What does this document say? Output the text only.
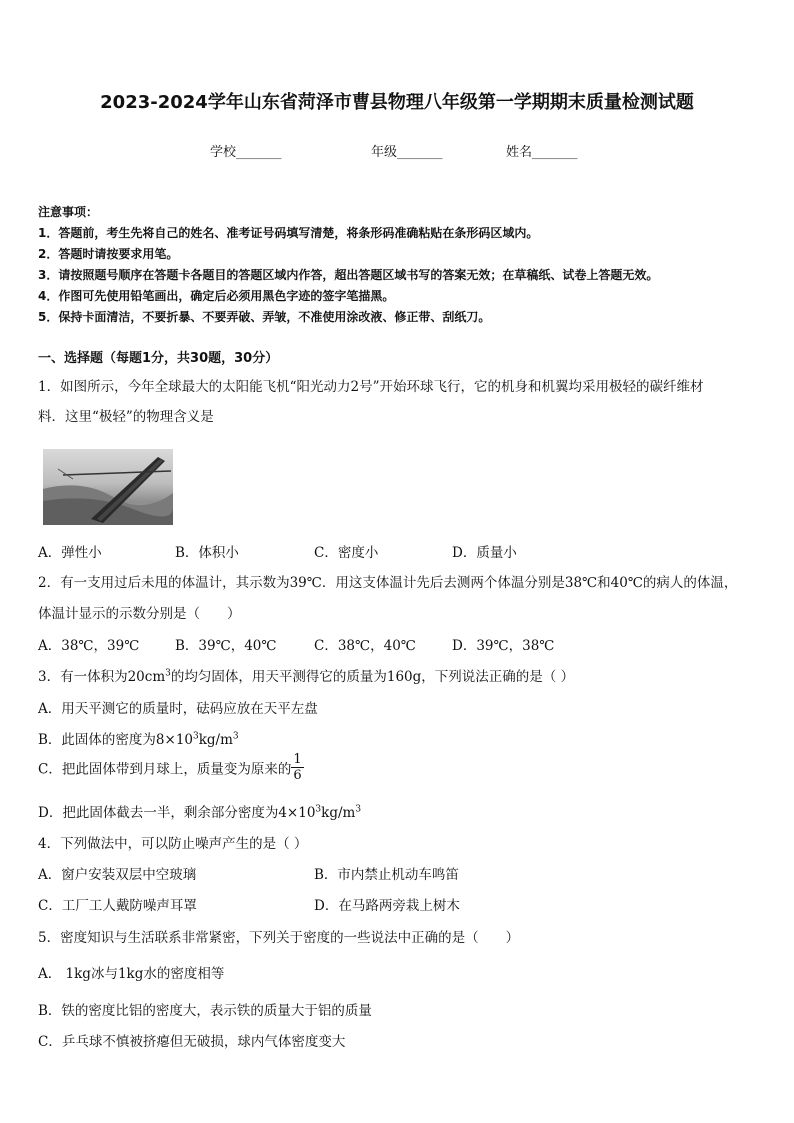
2023-2024学年山东省菏泽市曹县物理八年级第一学期期末质量检测试题
学校_______	年级_______	姓名_______
注意事项：
1．答题前，考生先将自己的姓名、准考证号码填写清楚，将条形码准确粘贴在条形码区域内。
2．答题时请按要求用笔。
3．请按照题号顺序在答题卡各题目的答题区域内作答，超出答题区域书写的答案无效；在草稿纸、试卷上答题无效。
4．作图可先使用铅笔画出，确定后必须用黑色字迹的签字笔描黑。
5．保持卡面清洁，不要折暴、不要弄破、弄皱，不准使用涂改液、修正带、刮纸刀。
一、选择题（每题1分，共30题，30分）
1．如图所示，今年全球最大的太阳能飞机“阳光动力2号”开始环球飞行，它的机身和机翼均采用极轻的碳纤维材
料．这里“极轻”的物理含义是
A．弹性小	B．体积小	C．密度小	D．质量小
2．有一支用过后未甩的体温计，其示数为39℃．用这支体温计先后去测两个体温分别是38℃和40℃的病人的体温，
体温计显示的示数分别是（　　）
A．38℃，39℃	B．39℃，40℃	C．38℃，40℃	D．39℃，38℃
3．有一体积为$20cm^3$的均匀固体，用天平测得它的质量为160g，下列说法正确的是（ ）
A．用天平测它的质量时，砝码应放在天平左盘
B．此固体的密度为$8\times 10^3kg/m^3$
C．把此固体带到月球上，质量变为原来的 $\frac{1}{6}$
D．把此固体截去一半，剩余部分密度为$4\times 10^3kg/m^3$
4．下列做法中，可以防止噪声产生的是（ ）
A．窗户安装双层中空玻璃	B．市内禁止机动车鸣笛
C．工厂工人戴防噪声耳罩	D．在马路两旁栽上树木
5．密度知识与生活联系非常紧密，下列关于密度的一些说法中正确的是（　　）
A． 1kg冰与1kg水的密度相等
B．铁的密度比铝的密度大，表示铁的质量大于铝的质量
C．乒乓球不慎被挤瘪但无破损，球内气体密度变大
